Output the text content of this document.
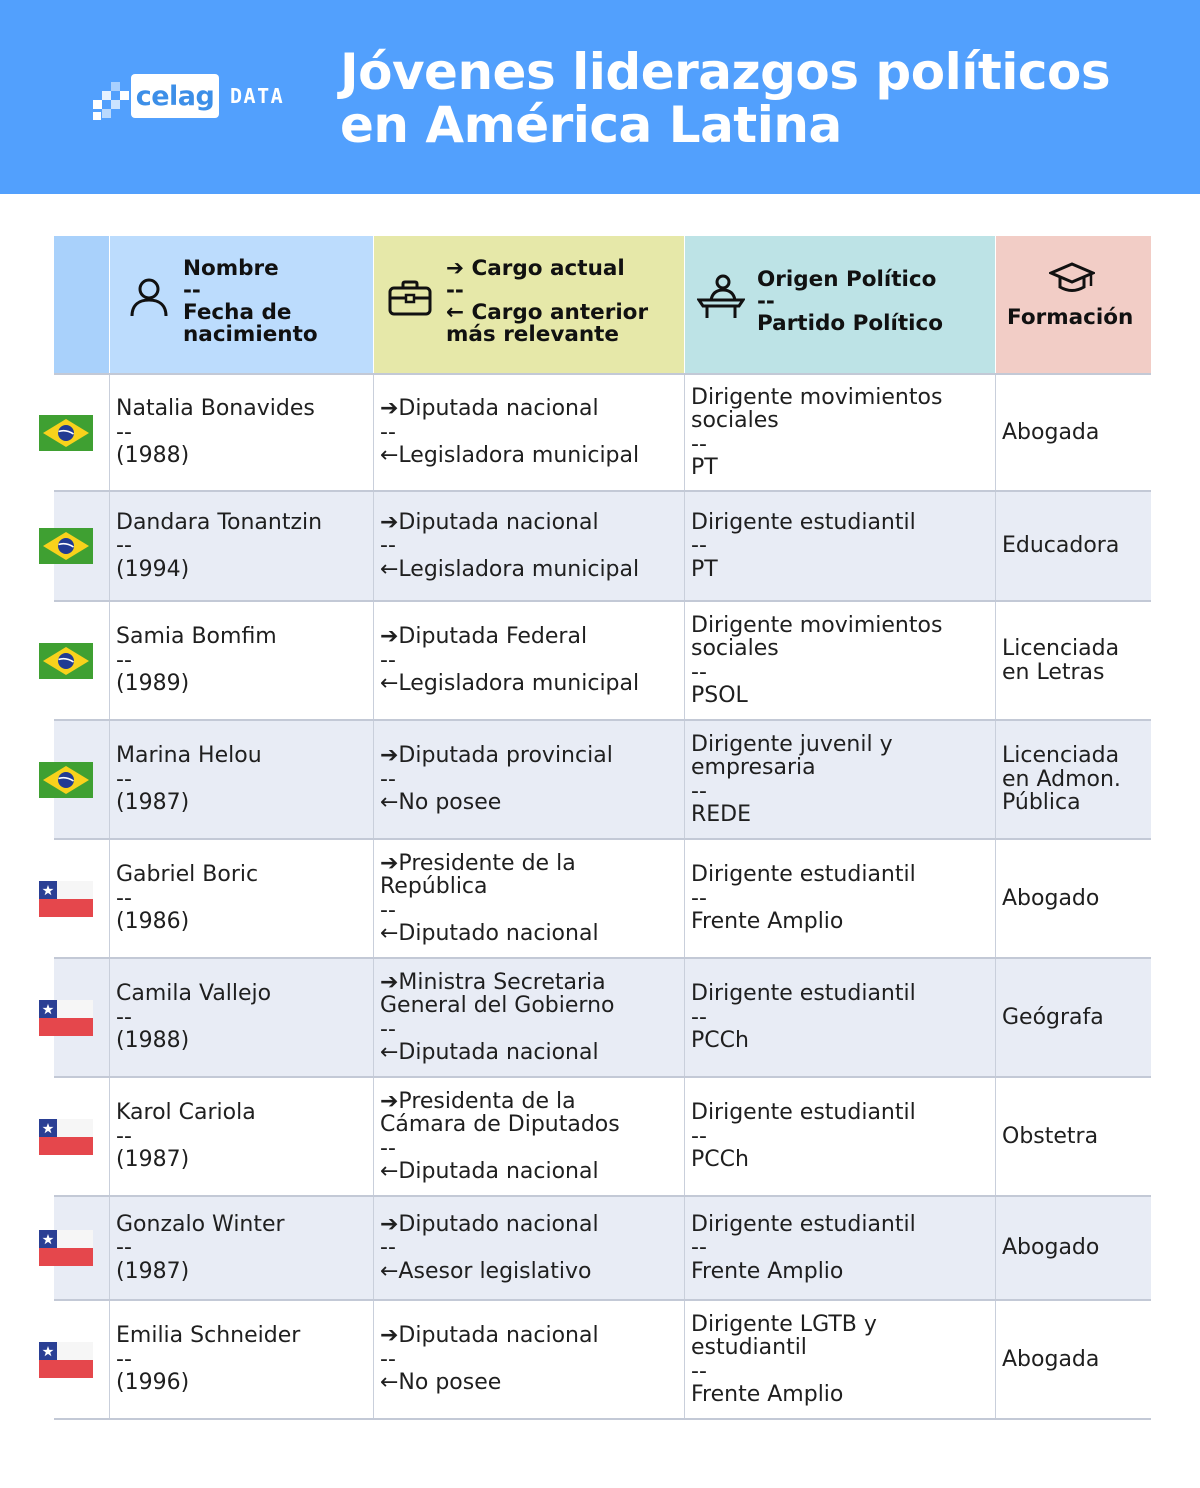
celag DATA Jóvenes liderazgos políticos
en América Latina
Nombre
--
Fecha de
nacimiento
➔ Cargo actual
--
← Cargo anterior
más relevante
Origen Político
--
Partido Político	Formación
Natalia Bonavides
--
(1988)
➔Diputada nacional
--
←Legisladora municipal
Dirigente movimientos
sociales
--
PT
Abogada
Dandara Tonantzin
--
(1994)
➔Diputada nacional
--
←Legisladora municipal
Dirigente estudiantil
--
PT
Educadora
Samia Bomfim
--
(1989)
➔Diputada Federal
--
←Legisladora municipal
Dirigente movimientos
sociales
--
PSOL
Licenciada
en Letras
Marina Helou
--
(1987)
➔Diputada provincial
--
←No posee
Dirigente juvenil y
empresaria
--
REDE
Licenciada
en Admon.
Pública
Gabriel Boric
--
(1986)
➔Presidente de la
República
--
←Diputado nacional
Dirigente estudiantil
--
Frente Amplio
Abogado
Camila Vallejo
--
(1988)
➔Ministra Secretaria
General del Gobierno
--
←Diputada nacional
Dirigente estudiantil
--
PCCh
Geógrafa
Karol Cariola
--
(1987)
➔Presidenta de la
Cámara de Diputados
--
←Diputada nacional
Dirigente estudiantil
--
PCCh
Obstetra
Gonzalo Winter
--
(1987)
➔Diputado nacional
--
←Asesor legislativo
Dirigente estudiantil
--
Frente Amplio
Abogado
Emilia Schneider
--
(1996)
➔Diputada nacional
--
←No posee
Dirigente LGTB y
estudiantil
--
Frente Amplio
Abogada
